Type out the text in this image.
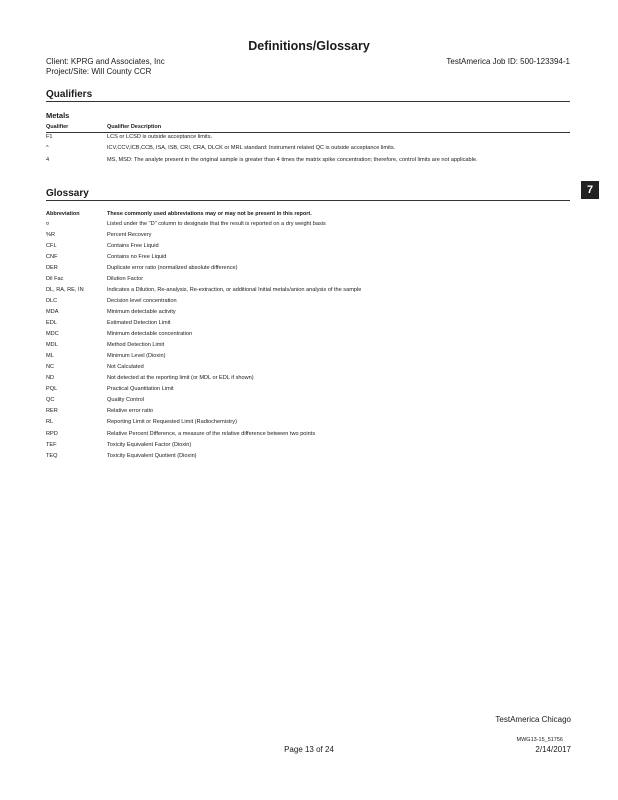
Definitions/Glossary
Client: KPRG and Associates, Inc
Project/Site: Will County CCR
TestAmerica Job ID: 500-123394-1
Qualifiers
Metals
Qualifier	Qualifier Description
F1	LCS or LCSD is outside acceptance limits.
^	ICV,CCV,ICB,CCB, ISA, ISB, CRI, CRA, DLCK or MRL standard: Instrument related QC is outside acceptance limits.
4	MS, MSD: The analyte present in the original sample is greater than 4 times the matrix spike concentration; therefore, control limits are not applicable.
Glossary	7
Abbreviation	These commonly used abbreviations may or may not be present in this report.
¤	Listed under the "D" column to designate that the result is reported on a dry weight basis
%R	Percent Recovery
CFL	Contains Free Liquid
CNF	Contains no Free Liquid
DER	Duplicate error ratio (normalized absolute difference)
Dil Fac	Dilution Factor
DL, RA, RE, IN	Indicates a Dilution, Re-analysis, Re-extraction, or additional Initial metals/anion analysis of the sample
DLC	Decision level concentration
MDA	Minimum detectable activity
EDL	Estimated Detection Limit
MDC	Minimum detectable concentration
MDL	Method Detection Limit
ML	Minimum Level (Dioxin)
NC	Not Calculated
ND	Not detected at the reporting limit (or MDL or EDL if shown)
PQL	Practical Quantitation Limit
QC	Quality Control
RER	Relative error ratio
RL	Reporting Limit or Requested Limit (Radiochemistry)
RPD	Relative Percent Difference, a measure of the relative difference between two points
TEF	Toxicity Equivalent Factor (Dioxin)
TEQ	Toxicity Equivalent Quotient (Dioxin)
TestAmerica Chicago
MWG13-15_51756
Page 13 of 24	2/14/2017
